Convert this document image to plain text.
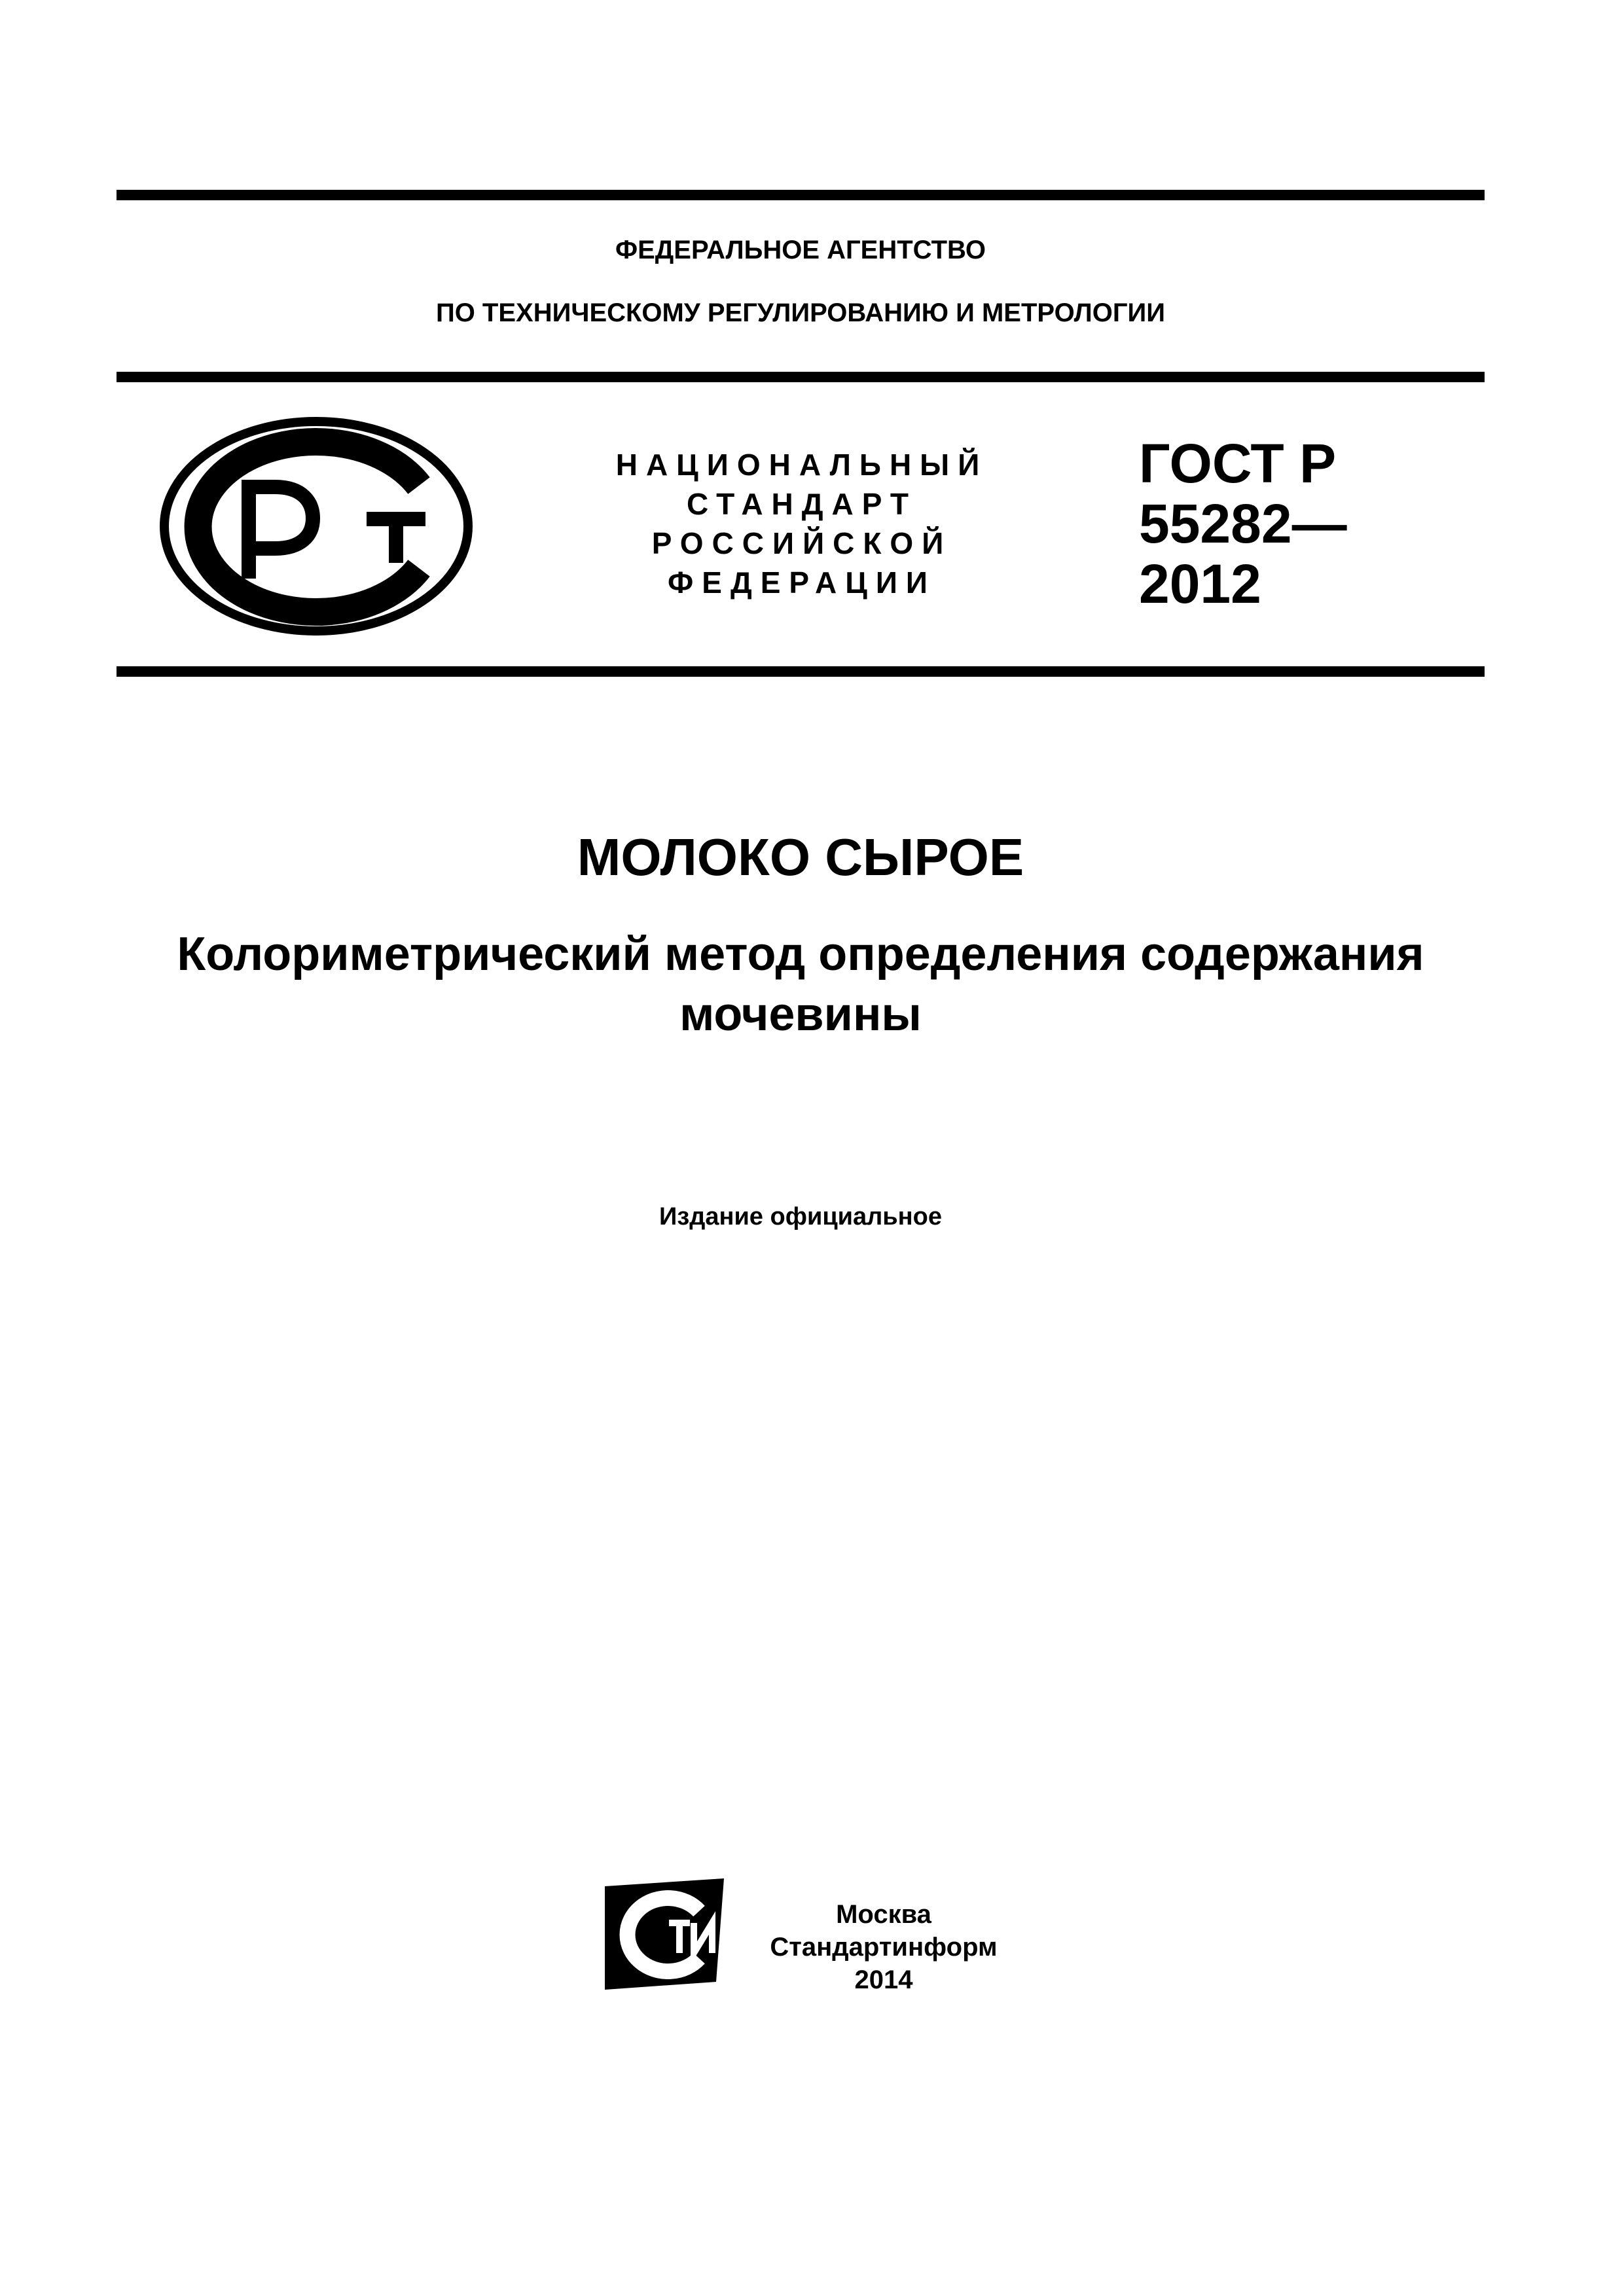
ФЕДЕРАЛЬНОЕ АГЕНТСТВО
ПО ТЕХНИЧЕСКОМУ РЕГУЛИРОВАНИЮ И МЕТРОЛОГИИ
НАЦИОНАЛЬНЫЙ
СТАНДАРТ
РОССИЙСКОЙ
ФЕДЕРАЦИИ
ГОСТ Р
55282—
2012
МОЛОКО СЫРОЕ
Колориметрический метод определения содержания
мочевины
Издание официальное
Москва
Стандартинформ
2014
